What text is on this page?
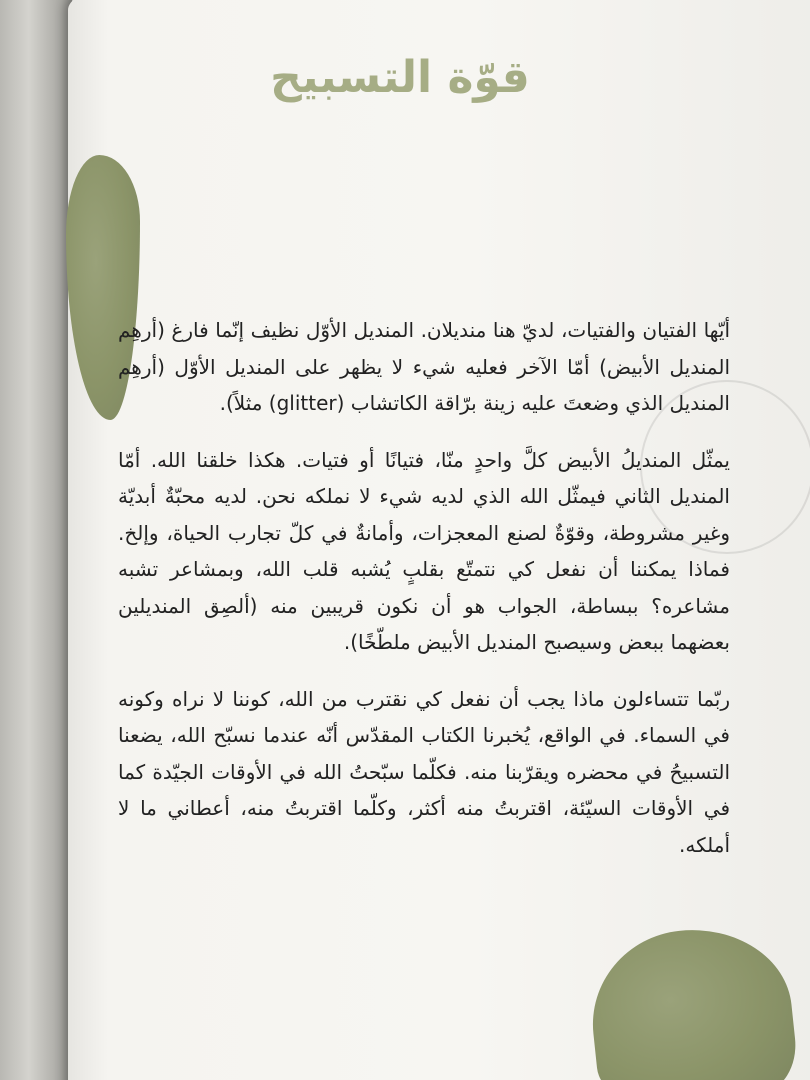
قوّة التسبيح

أيّها الفتيان والفتيات، لديّ هنا منديلان. المنديل الأوّل نظيف إنّما فارغ (أرهِم المنديل الأبيض) أمّا الآخر فعليه شيء لا يظهر على المنديل الأوّل (أرهِم المنديل الذي وضعتَ عليه زينة برّاقة الكاتشاب (glitter) مثلاً).

يمثّل المنديلُ الأبيض كلَّ واحدٍ منّا، فتيانًا أو فتيات. هكذا خلقنا الله. أمّا المنديل الثاني فيمثّل الله الذي لديه شيء لا نملكه نحن. لديه محبّةٌ أبديّة وغير مشروطة، وقوّةٌ لصنع المعجزات، وأمانةٌ في كلّ تجارب الحياة، وإلخ. فماذا يمكننا أن نفعل كي نتمتّع بقلبٍ يُشبه قلب الله، وبمشاعر تشبه مشاعره؟ ببساطة، الجواب هو أن نكون قريبين منه (ألصِق المنديلين بعضهما ببعض وسيصبح المنديل الأبيض ملطّخًا).

ربّما تتساءلون ماذا يجب أن نفعل كي نقترب من الله، كوننا لا نراه وكونه في السماء. في الواقع، يُخبرنا الكتاب المقدّس أنّه عندما نسبّح الله، يضعنا التسبيحُ في محضره ويقرّبنا منه. فكلّما سبّحتُ الله في الأوقات الجيّدة كما في الأوقات السيّئة، اقتربتُ منه أكثر، وكلّما اقتربتُ منه، أعطاني ما لا أملكه.
